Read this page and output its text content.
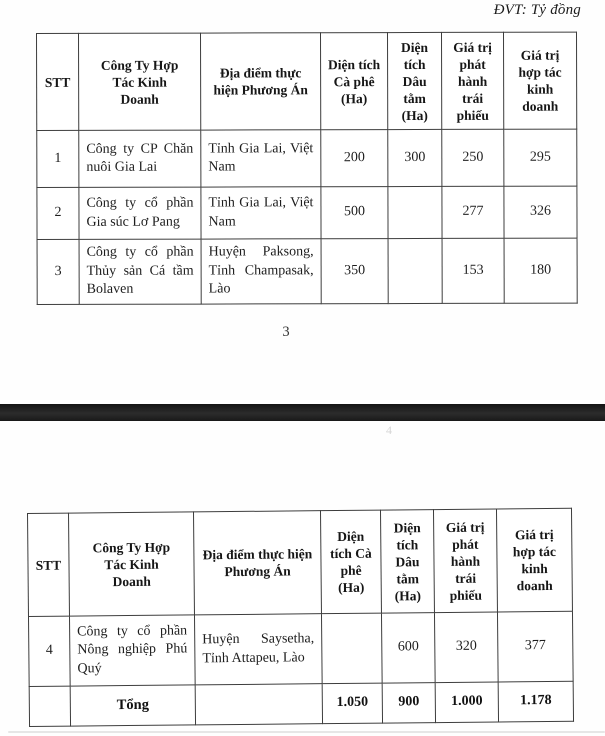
ĐVT: Tỷ đồng
STT	Công Ty Hợp Tác Kinh Doanh	Địa điểm thực hiện Phương Án	Diện tích Cà phê (Ha)	Diện tích Dâu tằm (Ha)	Giá trị phát hành trái phiếu	Giá trị hợp tác kinh doanh
1	Công ty CP Chăn nuôi Gia Lai	Tỉnh Gia Lai, Việt Nam	200	300	250	295
2	Công ty cổ phần Gia súc Lơ Pang	Tỉnh Gia Lai, Việt Nam	500		277	326
3	Công ty cổ phần Thủy sản Cá tầm Bolaven	Huyện Paksong, Tỉnh Champasak, Lào	350		153	180
3
4
STT	Công Ty Hợp Tác Kinh Doanh	Địa điểm thực hiện Phương Án	Diện tích Cà phê (Ha)	Diện tích Dâu tằm (Ha)	Giá trị phát hành trái phiếu	Giá trị hợp tác kinh doanh
4	Công ty cổ phần Nông nghiệp Phú Quý	Huyện Saysetha, Tỉnh Attapeu, Lào		600	320	377
	Tổng		1.050	900	1.000	1.178
